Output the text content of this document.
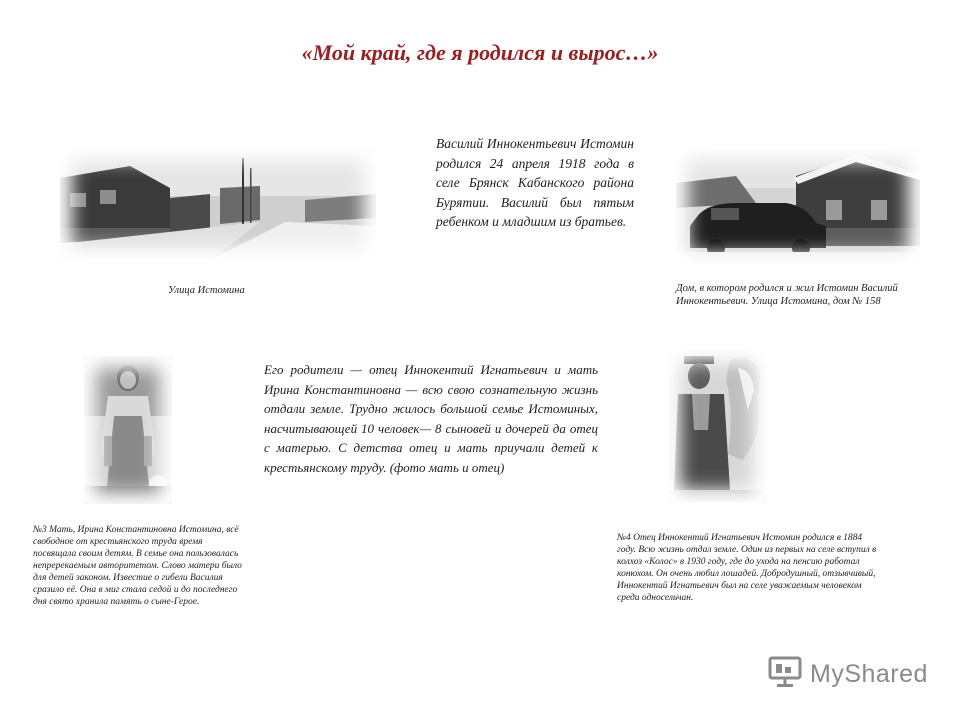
«Мой край, где я родился и вырос…»
Василий Иннокентьевич Истомин родился 24 апреля 1918 года в селе Брянск Кабанского района Бурятии. Василий был пятым ребенком и младшим из братьев.
Улица Истомина	Дом, в котором родился и жил Истомин Василий Иннокентьевич. Улица Истомина, дом № 158
Его родители — отец Иннокентий Игнатьевич и мать Ирина Константиновна — всю свою сознательную жизнь отдали земле. Трудно жилось большой семье Истоминых, насчитывающей 10 человек— 8 сыновей и дочерей да отец с матерью. С детства отец и мать приучали детей к крестьянскому труду. (фото мать и отец)
№3 Мать, Ирина Константиновна Истомина, всё свободное от крестьянского труда время посвящала своим детям. В семье она пользовалась непререкаемым авторитетом. Слово матери было для детей законом. Известие о гибели Василия сразило её. Она в миг стала седой и до последнего дня свято хранила память о сыне-Герое.
№4 Отец Иннокентий Игнатьевич Истомин родился в 1884 году. Всю жизнь отдал земле. Один из первых на селе вступил в колхоз «Колос» в 1930 году, где до ухода на пенсию работал конюхом. Он очень любил лошадей. Добродушный, отзывчивый, Иннокентий Игнатьевич был на селе уважаемым человеком среди односельчан.
MyShared
